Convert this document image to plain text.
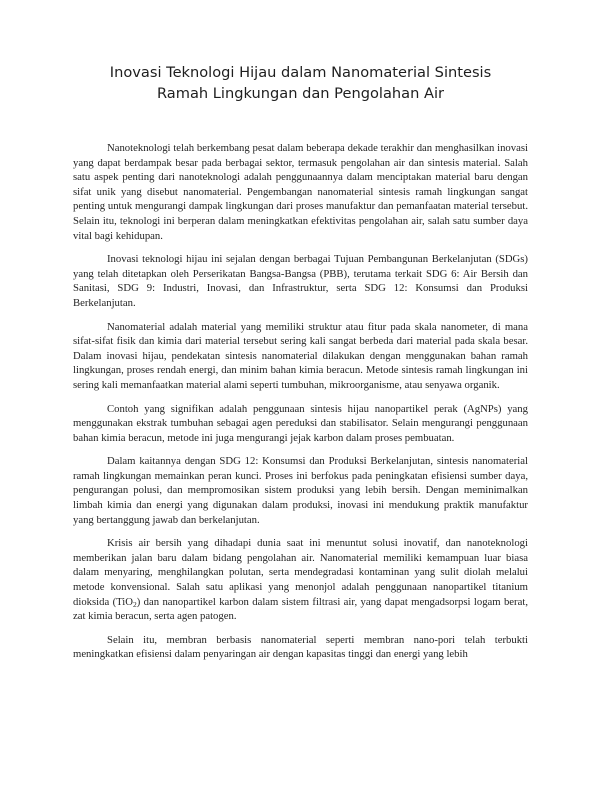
Inovasi Teknologi Hijau dalam Nanomaterial Sintesis Ramah Lingkungan dan Pengolahan Air

Nanoteknologi telah berkembang pesat dalam beberapa dekade terakhir dan menghasilkan inovasi yang dapat berdampak besar pada berbagai sektor, termasuk pengolahan air dan sintesis material. Salah satu aspek penting dari nanoteknologi adalah penggunaannya dalam menciptakan material baru dengan sifat unik yang disebut nanomaterial. Pengembangan nanomaterial sintesis ramah lingkungan sangat penting untuk mengurangi dampak lingkungan dari proses manufaktur dan pemanfaatan material tersebut. Selain itu, teknologi ini berperan dalam meningkatkan efektivitas pengolahan air, salah satu sumber daya vital bagi kehidupan.

Inovasi teknologi hijau ini sejalan dengan berbagai Tujuan Pembangunan Berkelanjutan (SDGs) yang telah ditetapkan oleh Perserikatan Bangsa-Bangsa (PBB), terutama terkait SDG 6: Air Bersih dan Sanitasi, SDG 9: Industri, Inovasi, dan Infrastruktur, serta SDG 12: Konsumsi dan Produksi Berkelanjutan.

Nanomaterial adalah material yang memiliki struktur atau fitur pada skala nanometer, di mana sifat-sifat fisik dan kimia dari material tersebut sering kali sangat berbeda dari material pada skala besar. Dalam inovasi hijau, pendekatan sintesis nanomaterial dilakukan dengan menggunakan bahan ramah lingkungan, proses rendah energi, dan minim bahan kimia beracun. Metode sintesis ramah lingkungan ini sering kali memanfaatkan material alami seperti tumbuhan, mikroorganisme, atau senyawa organik.

Contoh yang signifikan adalah penggunaan sintesis hijau nanopartikel perak (AgNPs) yang menggunakan ekstrak tumbuhan sebagai agen pereduksi dan stabilisator. Selain mengurangi penggunaan bahan kimia beracun, metode ini juga mengurangi jejak karbon dalam proses pembuatan.

Dalam kaitannya dengan SDG 12: Konsumsi dan Produksi Berkelanjutan, sintesis nanomaterial ramah lingkungan memainkan peran kunci. Proses ini berfokus pada peningkatan efisiensi sumber daya, pengurangan polusi, dan mempromosikan sistem produksi yang lebih bersih. Dengan meminimalkan limbah kimia dan energi yang digunakan dalam produksi, inovasi ini mendukung praktik manufaktur yang bertanggung jawab dan berkelanjutan.

Krisis air bersih yang dihadapi dunia saat ini menuntut solusi inovatif, dan nanoteknologi memberikan jalan baru dalam bidang pengolahan air. Nanomaterial memiliki kemampuan luar biasa dalam menyaring, menghilangkan polutan, serta mendegradasi kontaminan yang sulit diolah melalui metode konvensional. Salah satu aplikasi yang menonjol adalah penggunaan nanopartikel titanium dioksida (TiO$_2$) dan nanopartikel karbon dalam sistem filtrasi air, yang dapat mengadsorpsi logam berat, zat kimia beracun, serta agen patogen.

Selain itu, membran berbasis nanomaterial seperti membran nano-pori telah terbukti meningkatkan efisiensi dalam penyaringan air dengan kapasitas tinggi dan energi yang lebih
